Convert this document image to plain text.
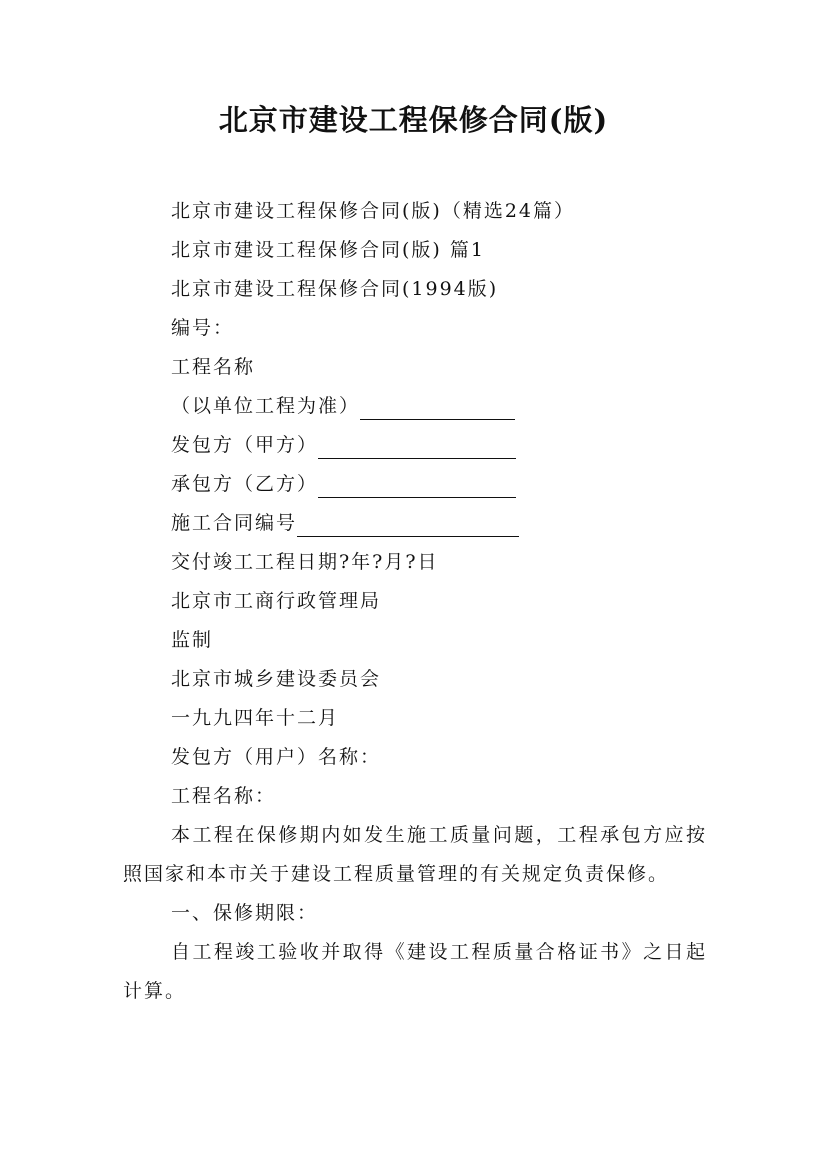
北京市建设工程保修合同(版)
北京市建设工程保修合同(版)（精选24篇）
北京市建设工程保修合同(版) 篇1
北京市建设工程保修合同(1994版)
编号：
工程名称
（以单位工程为准）
发包方（甲方）
承包方（乙方）
施工合同编号
交付竣工工程日期?年?月?日
北京市工商行政管理局
监制
北京市城乡建设委员会
一九九四年十二月
发包方（用户）名称：
工程名称：
本工程在保修期内如发生施工质量问题，工程承包方应按照国家和本市关于建设工程质量管理的有关规定负责保修。
一、保修期限：
自工程竣工验收并取得《建设工程质量合格证书》之日起计算。
